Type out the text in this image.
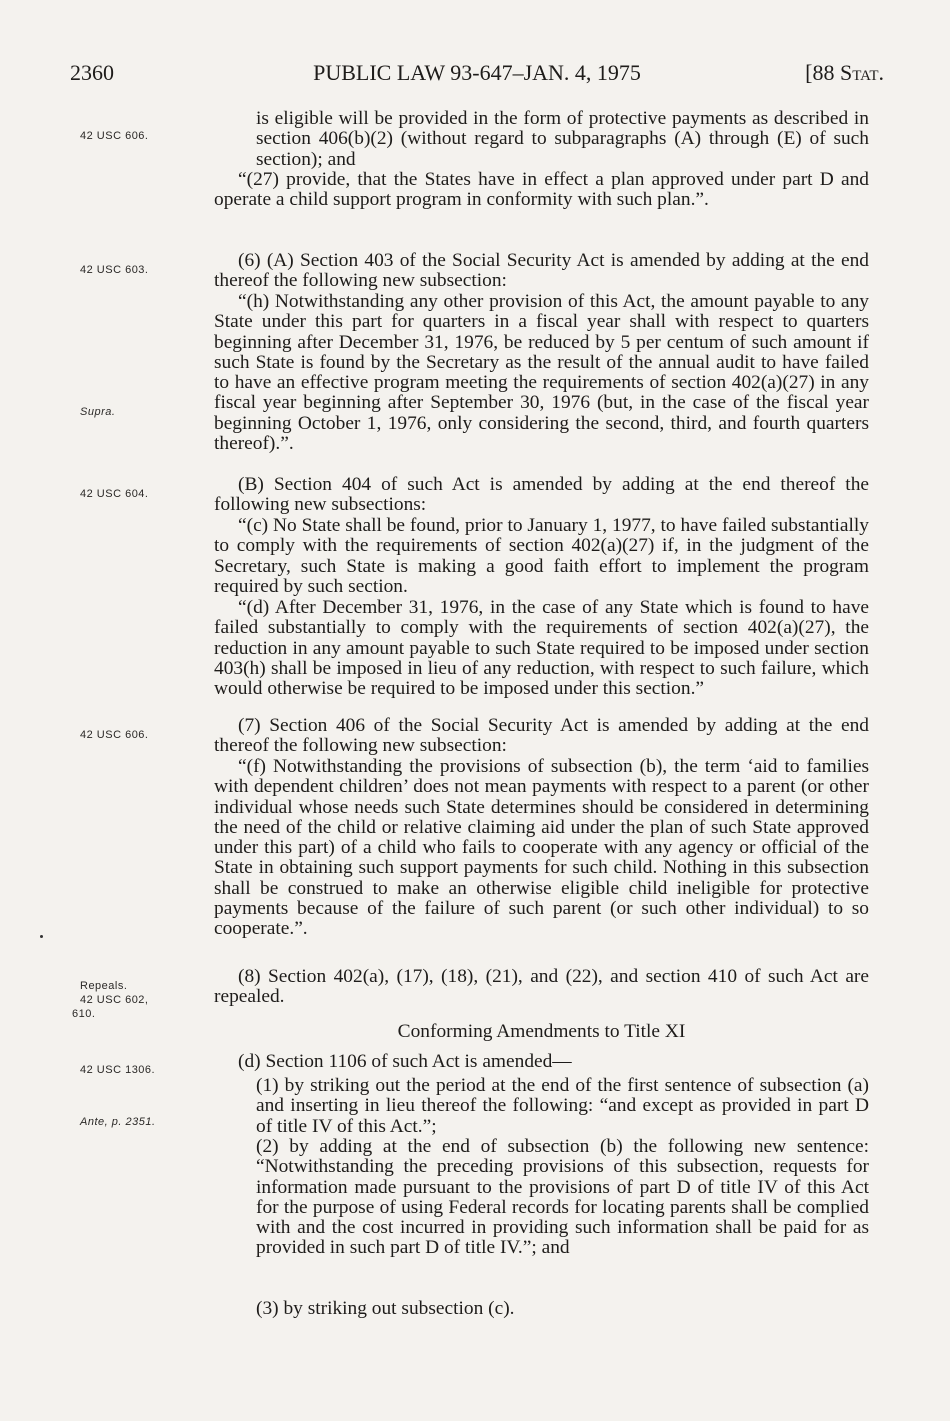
2360	PUBLIC LAW 93-647–JAN. 4, 1975	[88 Stat.
42 USC 606.
42 USC 603.
Supra.
42 USC 604.
42 USC 606.
Repeals.
42 USC 602,
610.
42 USC 1306.
Ante, p. 2351.

is eligible will be provided in the form of protective payments as described in section 406(b)(2) (without regard to subparagraphs (A) through (E) of such section); and

“(27) provide, that the States have in effect a plan approved under part D and operate a child support program in conformity with such plan.”.

(6) (A) Section 403 of the Social Security Act is amended by adding at the end thereof the following new subsection:

“(h) Notwithstanding any other provision of this Act, the amount payable to any State under this part for quarters in a fiscal year shall with respect to quarters beginning after December 31, 1976, be reduced by 5 per centum of such amount if such State is found by the Secretary as the result of the annual audit to have failed to have an effective program meeting the requirements of section 402(a)(27) in any fiscal year beginning after September 30, 1976 (but, in the case of the fiscal year beginning October 1, 1976, only considering the second, third, and fourth quarters thereof).”.

(B) Section 404 of such Act is amended by adding at the end thereof the following new subsections:

“(c) No State shall be found, prior to January 1, 1977, to have failed substantially to comply with the requirements of section 402(a)(27) if, in the judgment of the Secretary, such State is making a good faith effort to implement the program required by such section.

“(d) After December 31, 1976, in the case of any State which is found to have failed substantially to comply with the requirements of section 402(a)(27), the reduction in any amount payable to such State required to be imposed under section 403(h) shall be imposed in lieu of any reduction, with respect to such failure, which would otherwise be required to be imposed under this section.”

(7) Section 406 of the Social Security Act is amended by adding at the end thereof the following new subsection:

“(f) Notwithstanding the provisions of subsection (b), the term ‘aid to families with dependent children’ does not mean payments with respect to a parent (or other individual whose needs such State determines should be considered in determining the need of the child or relative claiming aid under the plan of such State approved under this part) of a child who fails to cooperate with any agency or official of the State in obtaining such support payments for such child. Nothing in this subsection shall be construed to make an otherwise eligible child ineligible for protective payments because of the failure of such parent (or such other individual) to so cooperate.”.

(8) Section 402(a), (17), (18), (21), and (22), and section 410 of such Act are repealed.

Conforming Amendments to Title XI

(d) Section 1106 of such Act is amended—

(1) by striking out the period at the end of the first sentence of subsection (a) and inserting in lieu thereof the following: “and except as provided in part D of title IV of this Act.”;

(2) by adding at the end of subsection (b) the following new sentence: “Notwithstanding the preceding provisions of this subsection, requests for information made pursuant to the provisions of part D of title IV of this Act for the purpose of using Federal records for locating parents shall be complied with and the cost incurred in providing such information shall be paid for as provided in such part D of title IV.”; and

(3) by striking out subsection (c).
